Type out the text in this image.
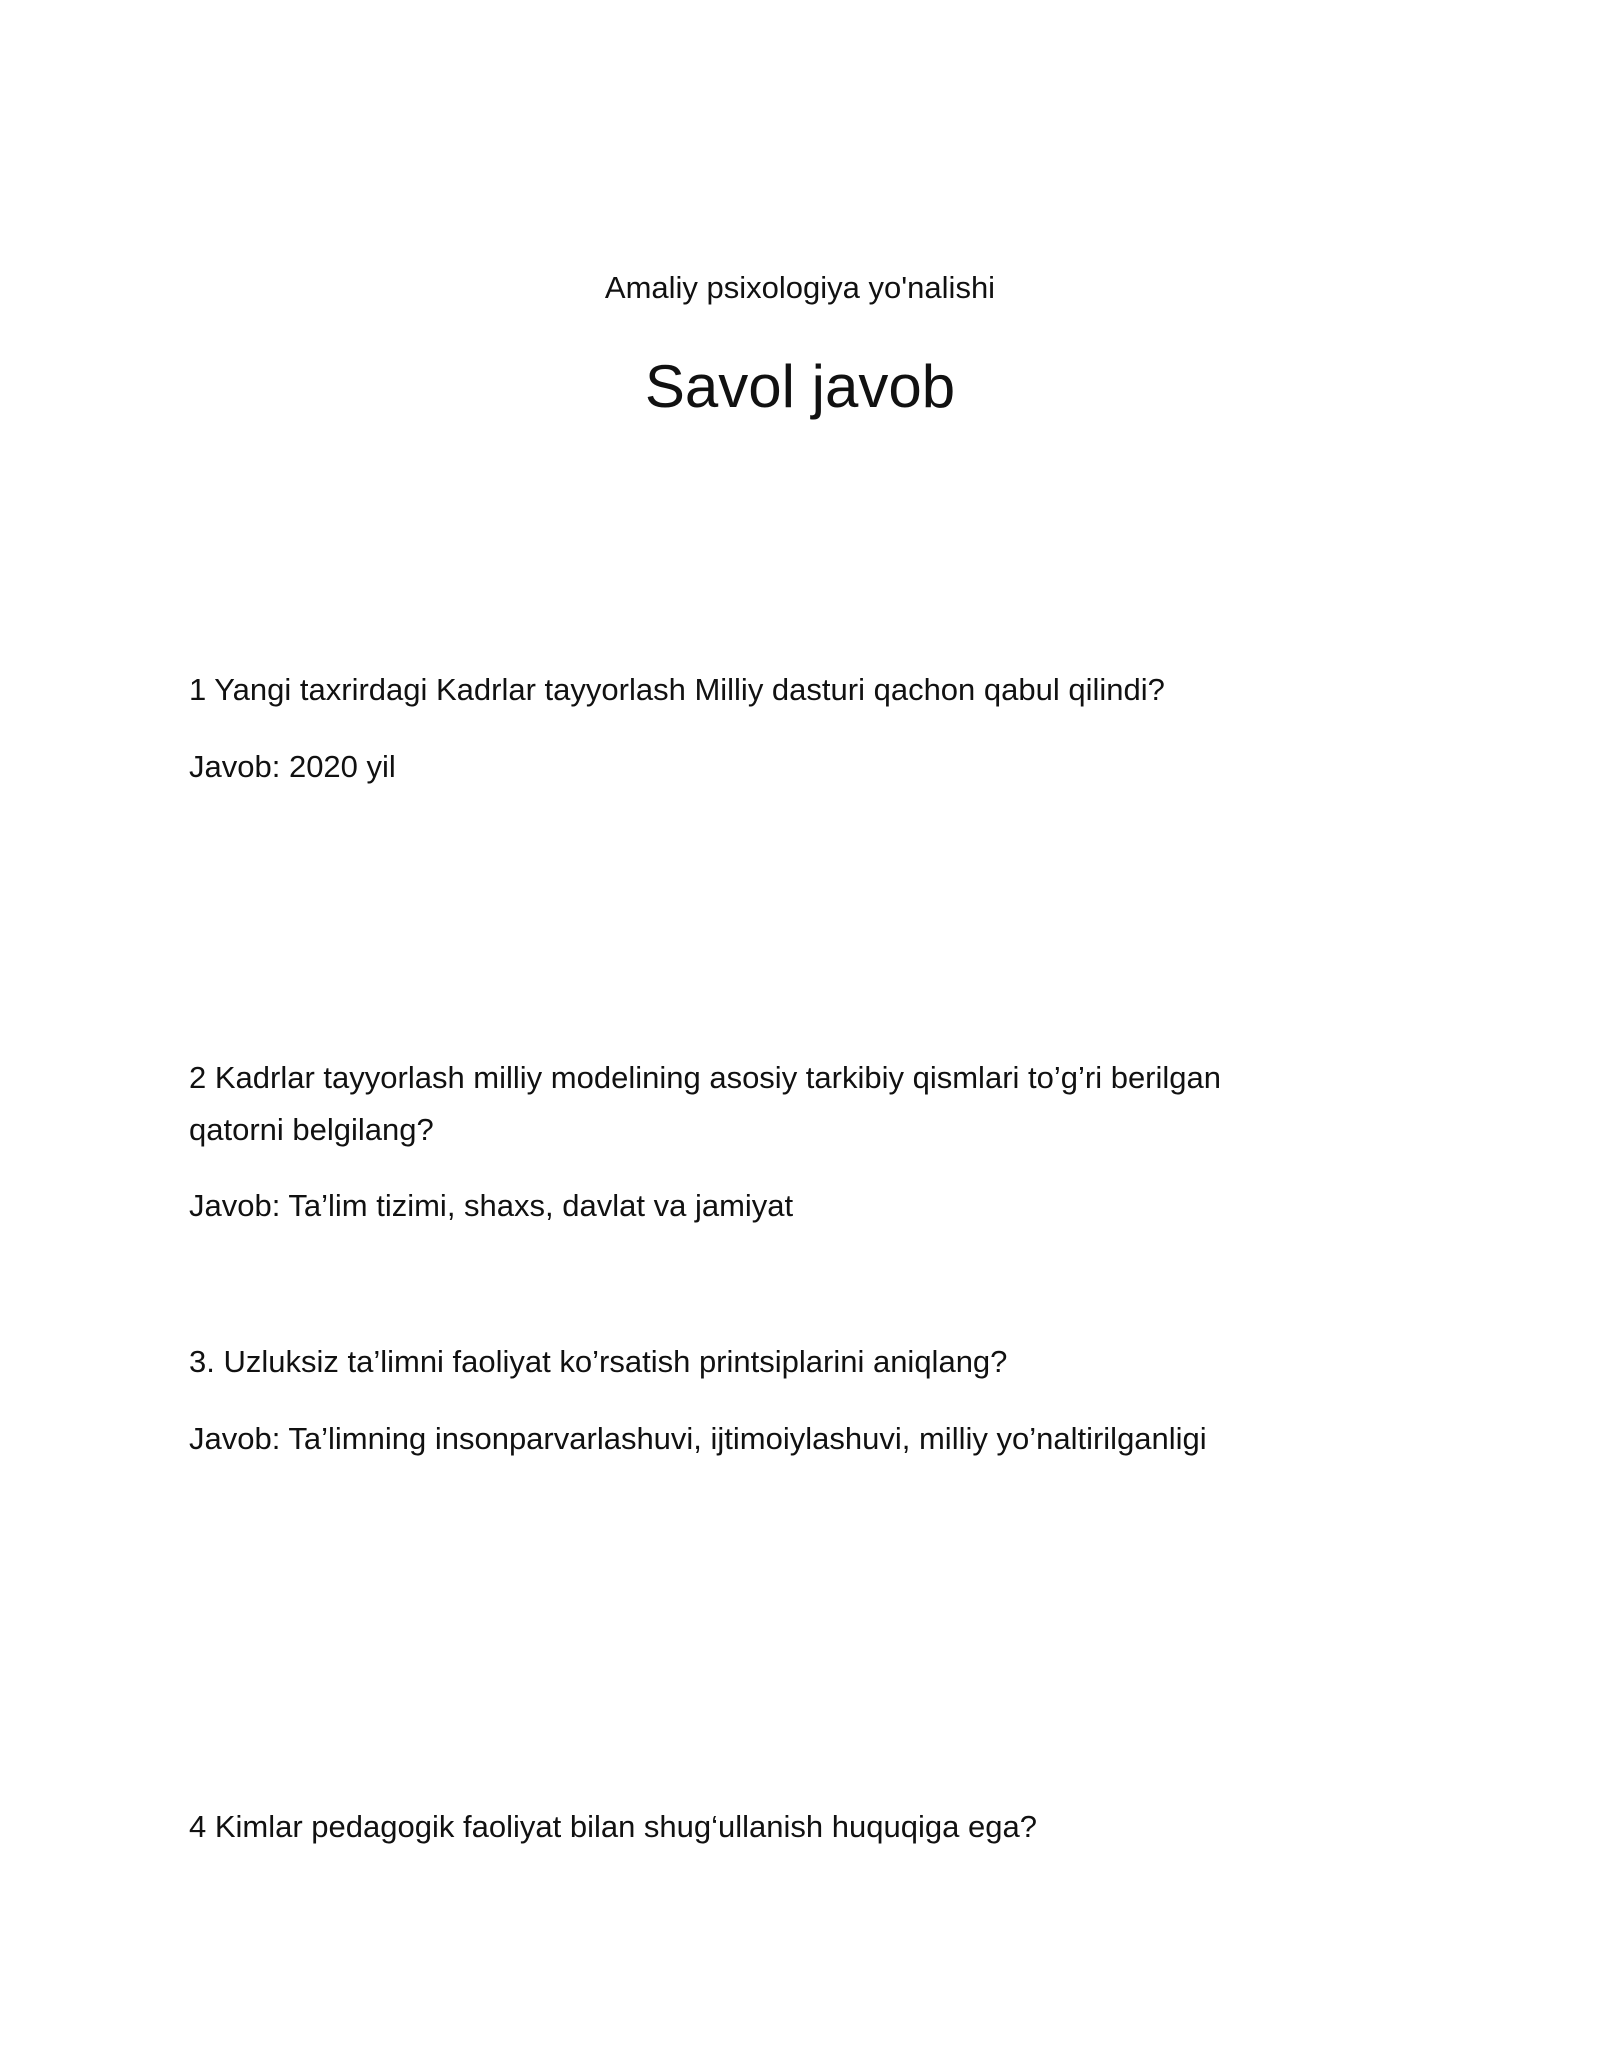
Amaliy psixologiya yo'nalishi
Savol javob
1 Yangi taxrirdagi Kadrlar tayyorlash Milliy dasturi qachon qabul qilindi?
Javob: 2020 yil
2 Kadrlar tayyorlash milliy modelining asosiy tarkibiy qismlari to’g’ri berilgan
qatorni belgilang?
Javob: Ta’lim tizimi, shaxs, davlat va jamiyat
3. Uzluksiz ta’limni faoliyat ko’rsatish printsiplarini aniqlang?
Javob: Ta’limning insonparvarlashuvi, ijtimoiylashuvi, milliy yo’naltirilganligi
4 Kimlar pedagogik faoliyat bilan shug‘ullanish huquqiga ega?
